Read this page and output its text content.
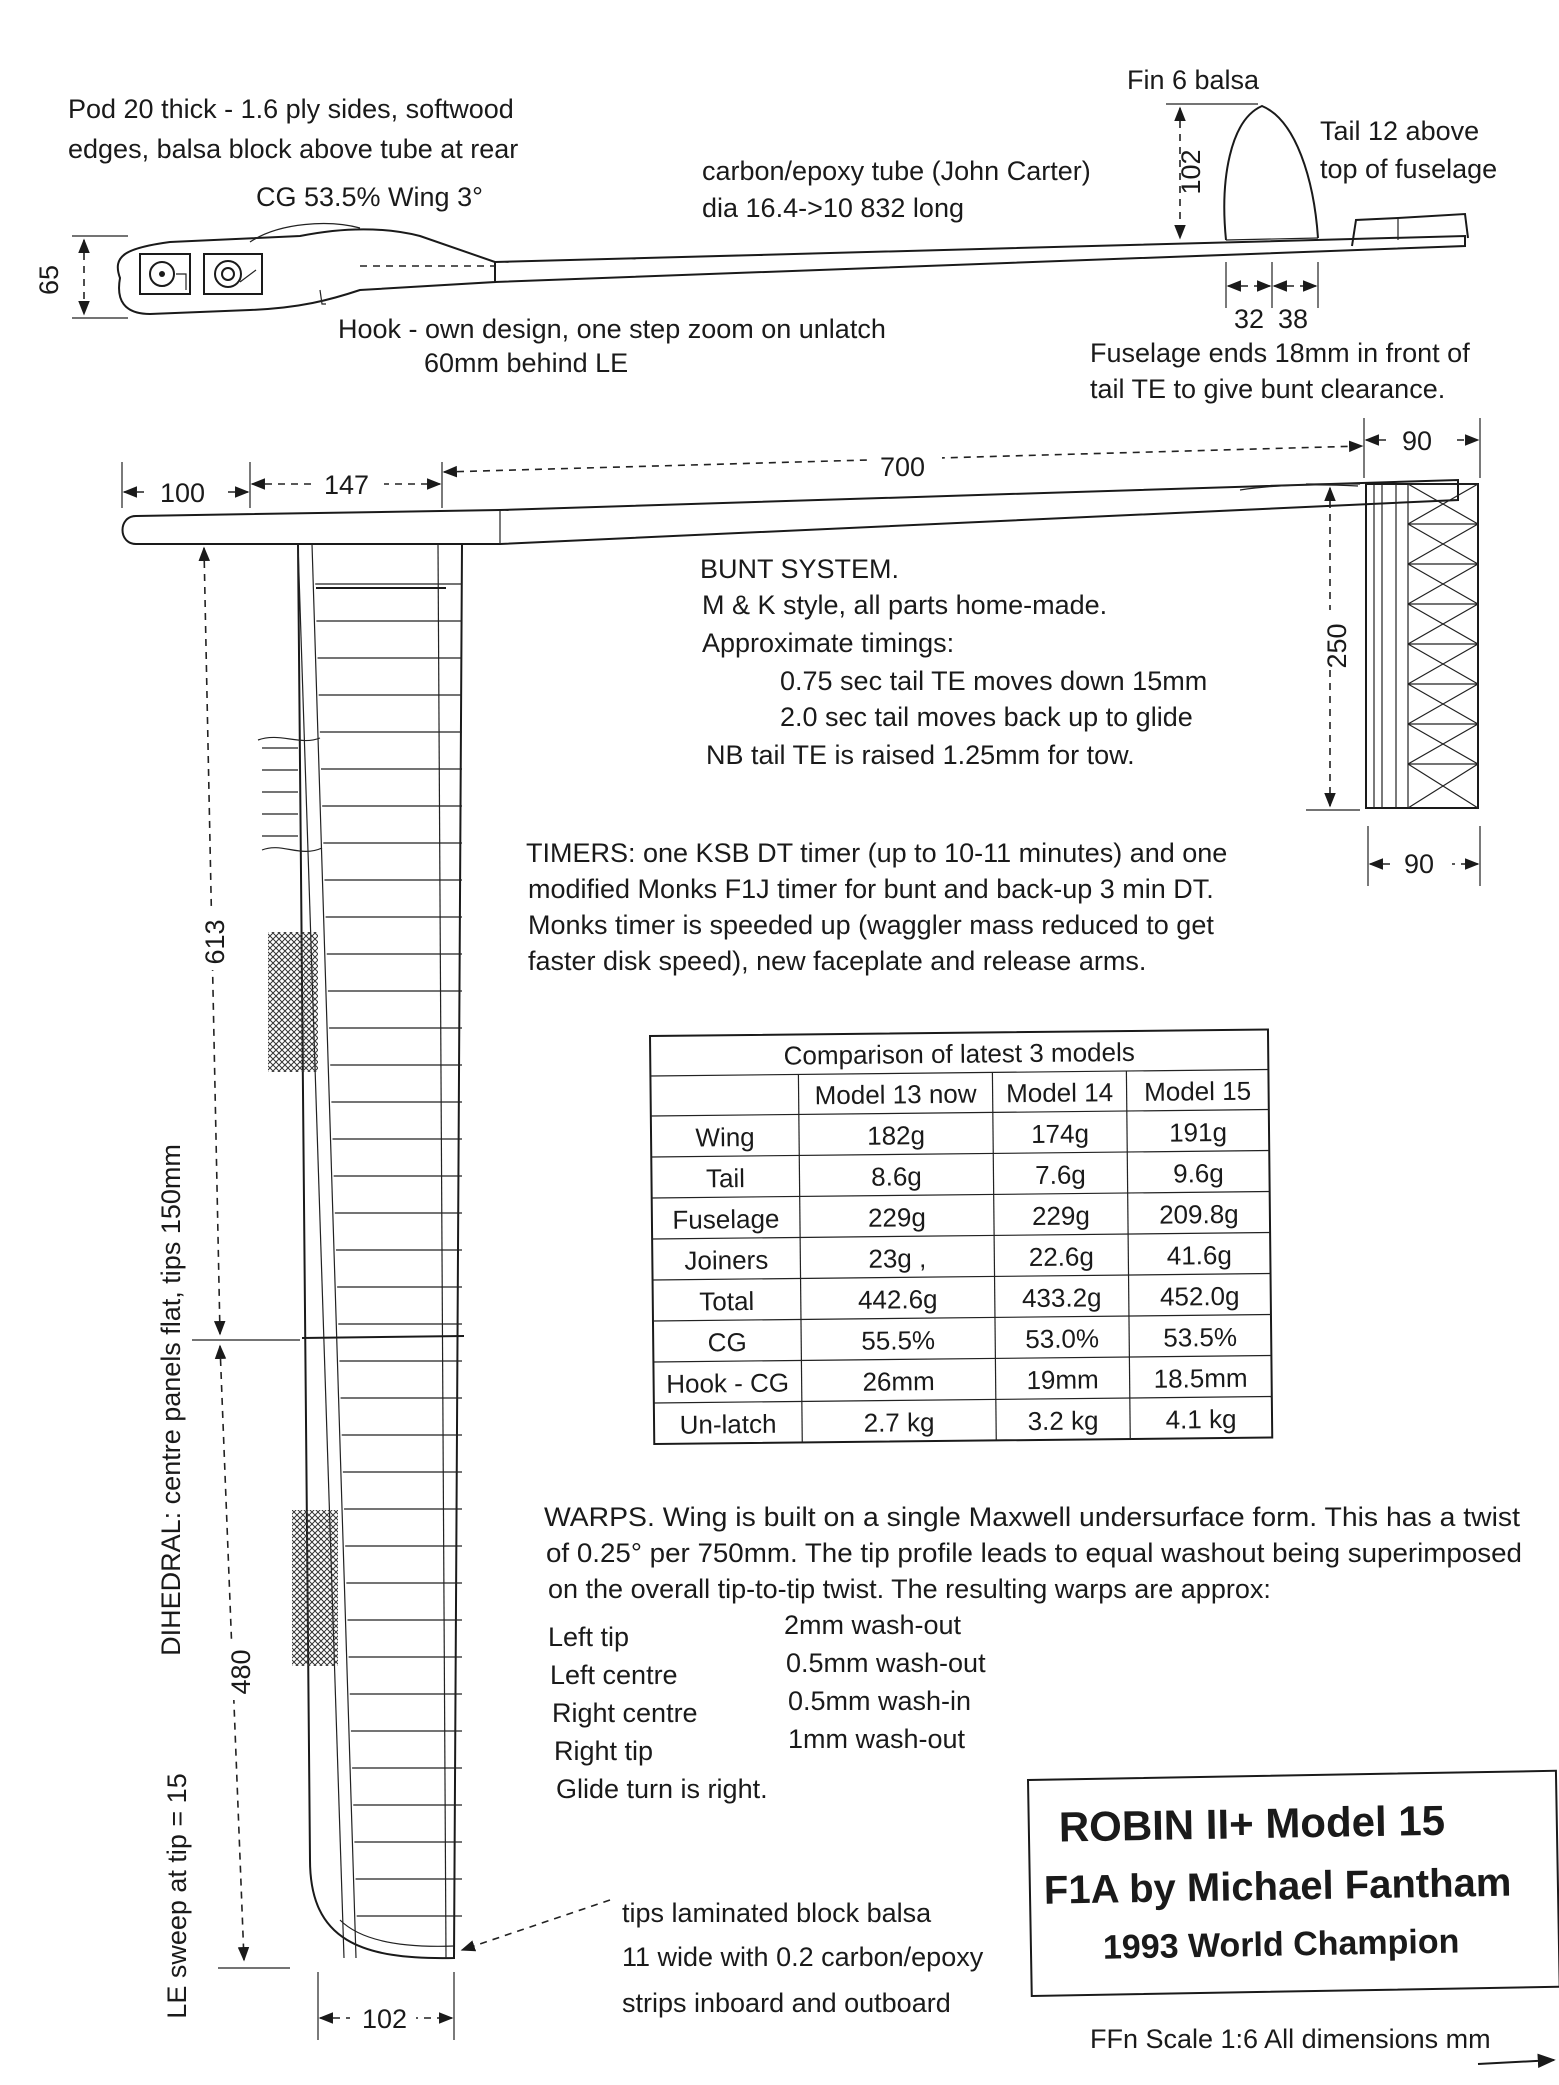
Pod 20 thick - 1.6 ply sides, softwood
edges, balsa block above tube at rear
CG 53.5% Wing 3°
carbon/epoxy tube (John Carter)
dia 16.4->10 832 long
Fin 6 balsa
Tail 12 above
top of fuselage
65
102
32 38
Hook - own design, one step zoom on unlatch
60mm behind LE	Fuselage ends 18mm in front of
tail TE to give bunt clearance.
100	147
700
90
250
90
613
480
DIHEDRAL: centre panels flat, tips 150mm
LE sweep at tip = 15
102
BUNT SYSTEM.
M & K style, all parts home-made.
Approximate timings:
0.75 sec tail TE moves down 15mm
2.0 sec tail moves back up to glide
NB tail TE is raised 1.25mm for tow.
TIMERS: one KSB DT timer (up to 10-11 minutes) and one
modified Monks F1J timer for bunt and back-up 3 min DT.
Monks timer is speeded up (waggler mass reduced to get
faster disk speed), new faceplate and release arms.
Comparison of latest 3 models
Model 13 now Model 14 Model 15
Wing	182g	174g	191g
Tail	8.6g	7.6g	9.6g
Fuselage	229g	229g	209.8g
Joiners	23g ,	22.6g	41.6g
Total	442.6g	433.2g 452.0g
CG	55.5%	53.0% 53.5%
Hook - CG	26mm	19mm 18.5mm
Un-latch	2.7 kg	3.2 kg	4.1 kg
WARPS. Wing is built on a single Maxwell undersurface form. This has a twist
of 0.25° per 750mm. The tip profile leads to equal washout being superimposed
on the overall tip-to-tip twist. The resulting warps are approx:
Left tip	2mm wash-out
Left centre	0.5mm wash-out
Right centre	0.5mm wash-in
Right tip	1mm wash-out
Glide turn is right.
tips laminated block balsa
11 wide with 0.2 carbon/epoxy
strips inboard and outboard
ROBIN II+ Model 15
F1A by Michael Fantham
1993 World Champion
FFn Scale 1:6 All dimensions mm
